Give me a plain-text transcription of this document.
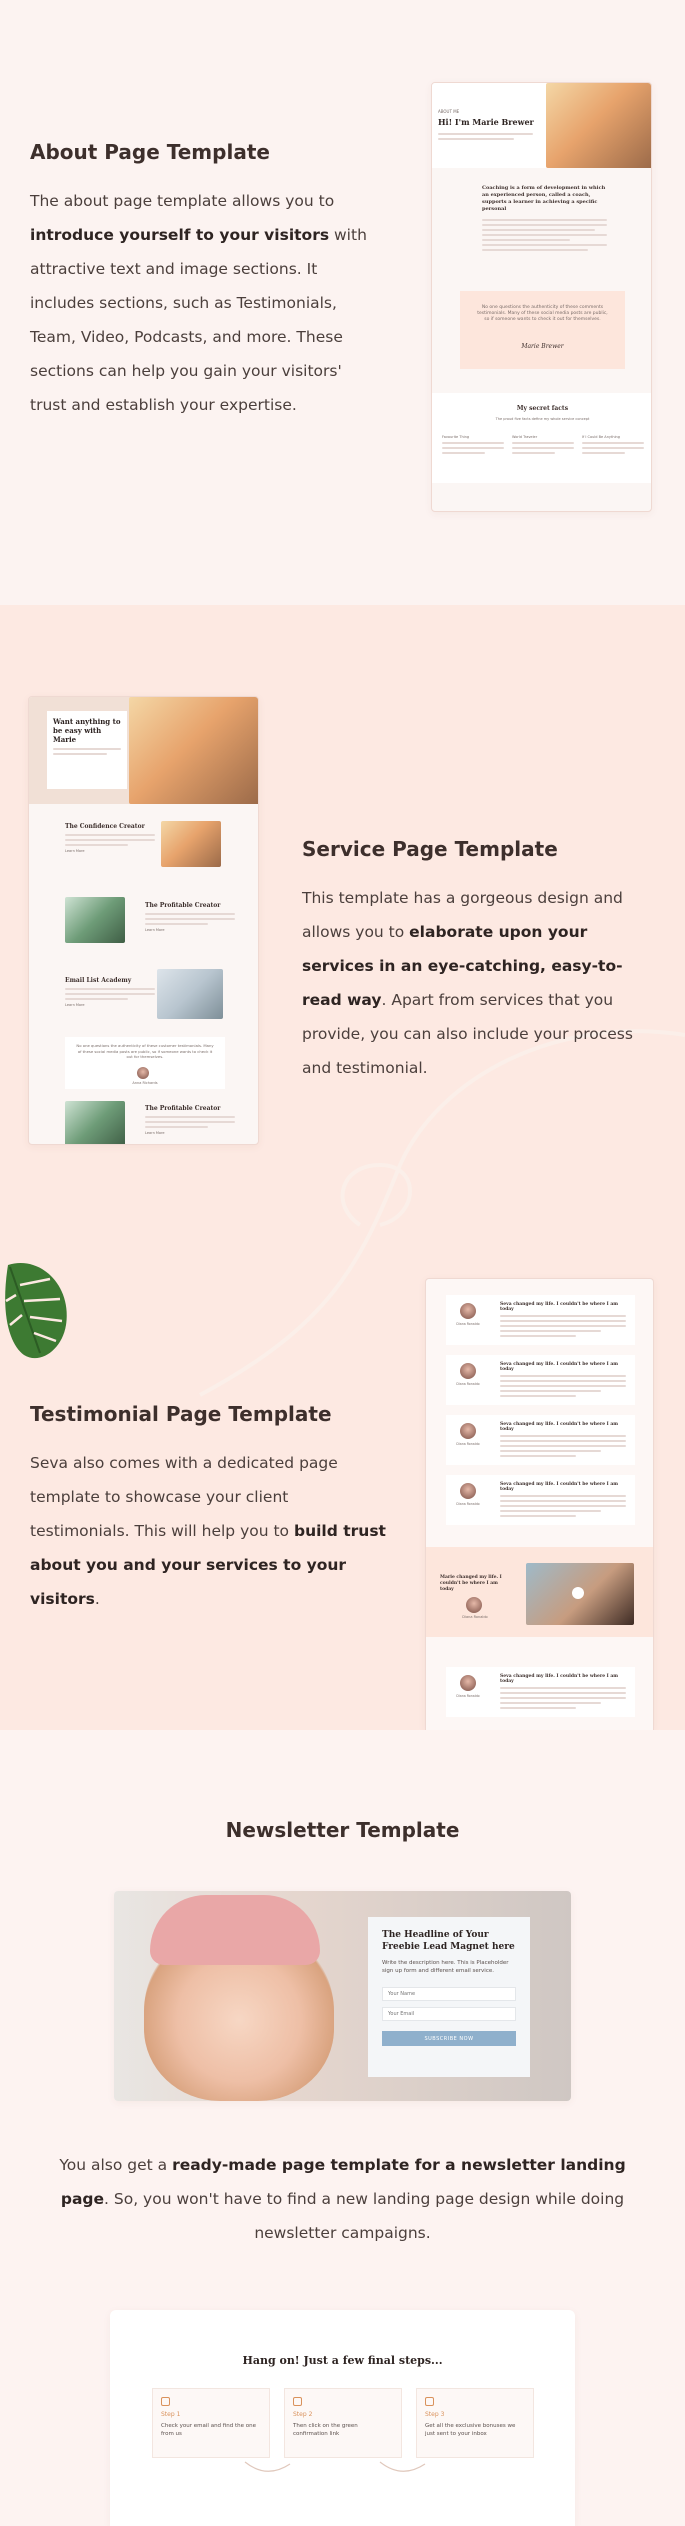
About Page Template

The about page template allows you to introduce yourself to your visitors with attractive text and image sections. It includes sections, such as Testimonials, Team, Video, Podcasts, and more. These sections can help you gain your visitors' trust and establish your expertise.

ABOUT ME
Hi! I'm Marie Brewer
Coaching is a form of development in which an experienced person, called a coach, supports a learner in achieving a specific personal
No one questions the authenticity of these comments testimonials. Many of these social media posts are public, so if someone wants to check it out for themselves.
Marie Brewer
My secret facts
The proud five facts define my whole service concept
Favourite Thing	World Traveler	If I Could Be Anything
Want anything to be easy with Marie
The Confidence Creator
Learn More
The Profitable Creator
Learn More
Email List Academy
Learn More
No one questions the authenticity of these customer testimonials. Many of these social media posts are public, so if someone wants to check it out for themselves.
Anna Richards
The Profitable Creator
Learn More
Service Page Template

This template has a gorgeous design and allows you to elaborate upon your services in an eye-catching, easy-to-read way. Apart from services that you provide, you can also include your process and testimonial.

Testimonial Page Template

Seva also comes with a dedicated page template to showcase your client testimonials. This will help you to build trust about you and your services to your visitors.

Diana Ronaldo
Seva changed my life. I couldn't be where I am today
Diana Ronaldo
Seva changed my life. I couldn't be where I am today
Diana Ronaldo
Seva changed my life. I couldn't be where I am today
Diana Ronaldo
Seva changed my life. I couldn't be where I am today
Diana Ronaldo
Seva changed my life. I couldn't be where I am today
Marie changed my life. I couldn't be where I am today
Diana Ronaldo
Newsletter Template
The Headline of Your Freebie Lead Magnet here
Write the description here. This is Placeholder sign up form and different email service.
Your Name
Your Email
SUBSCRIBE NOW

You also get a ready-made page template for a newsletter landing page. So, you won't have to find a new landing page design while doing newsletter campaigns.

Hang on! Just a few final steps...
Step 1
Check your email and find the one from us
Step 2
Then click on the green confirmation link
Step 3
Get all the exclusive bonuses we just sent to your inbox
